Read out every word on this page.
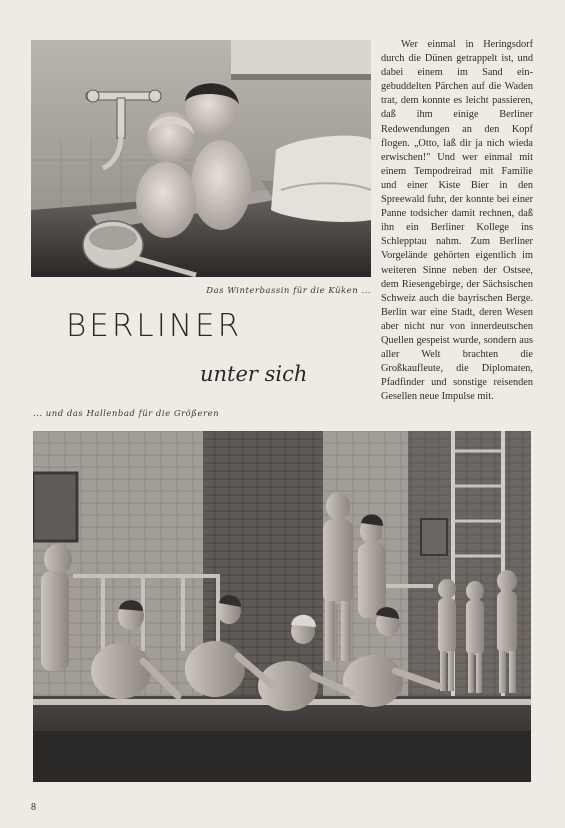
Das Winterbassin für die Küken ...
BERLINER
unter sich

Wer einmal in Heringsdorf durch die Dünen getrappelt ist, und dabei einem im Sand eingebuddelten Pärchen auf die Waden trat, dem konnte es leicht passieren, daß ihm einige Berliner Redewendungen an den Kopf flogen. „Otto, laß dir ja nich wieda erwischen!" Und wer einmal mit einem Tempodreirad mit Familie und einer Kiste Bier in den Spreewald fuhr, der konnte bei einer Panne todsicher damit rechnen, daß ihn ein Berliner Kollege ins Schlepptau nahm. Zum Berliner Vorgelände gehörten eigentlich im weiteren Sinne neben der Ostsee, dem Riesengebirge, der Sächsischen Schweiz auch die bayrischen Berge. Berlin war eine Stadt, deren Wesen aber nicht nur von innerdeutschen Quellen gespeist wurde, sondern aus aller Welt brachten die Großkaufleute, die Diplomaten, Pfadfinder und sonstige reisenden Gesellen neue Impulse mit.

... und das Hallenbad für die Größeren
8
